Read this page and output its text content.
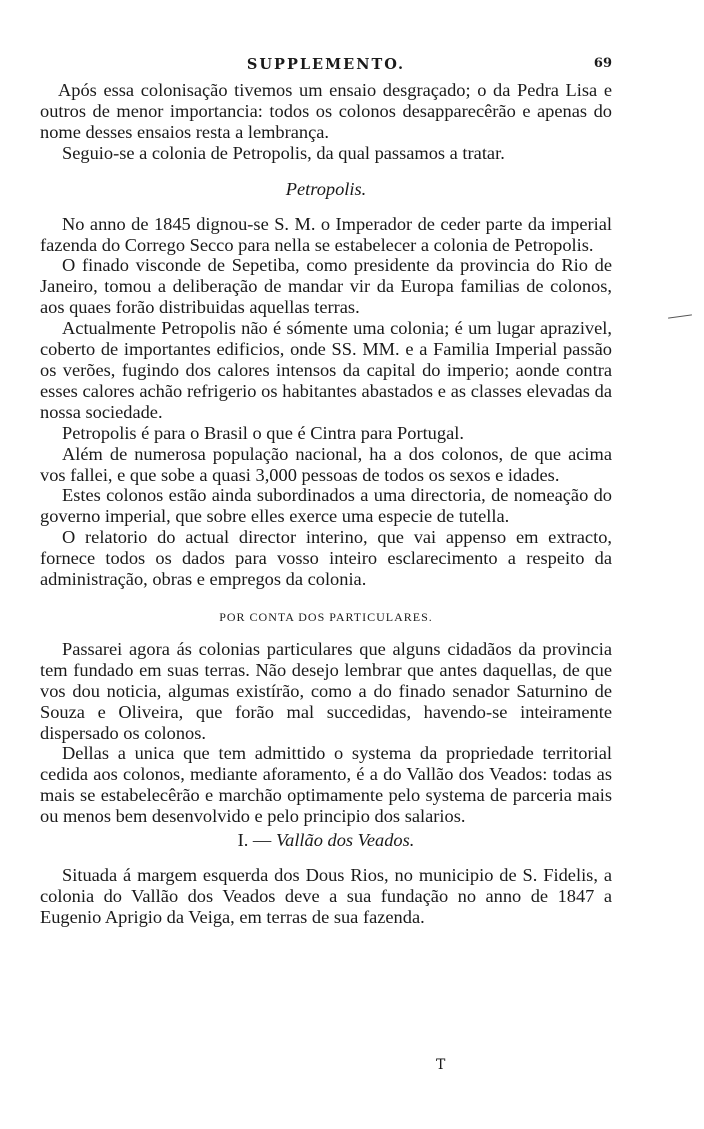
SUPPLEMENTO.	69

Após essa colonisação tivemos um ensaio desgraçado; o da Pedra Lisa e outros de menor importancia: todos os colonos desapparecêrão e apenas do nome desses ensaios resta a lembrança.

Seguio-se a colonia de Petropolis, da qual passamos a tratar.

Petropolis.

No anno de 1845 dignou-se S. M. o Imperador de ceder parte da imperial fazenda do Corrego Secco para nella se estabelecer a colonia de Petropolis.

O finado visconde de Sepetiba, como presidente da provincia do Rio de Janeiro, tomou a deliberação de mandar vir da Europa familias de colonos, aos quaes forão distribuidas aquellas terras.

Actualmente Petropolis não é sómente uma colonia; é um lugar aprazivel, coberto de importantes edificios, onde SS. MM. e a Familia Imperial passão os verões, fugindo dos calores intensos da capital do imperio; aonde contra esses calores achão refrigerio os habitantes abastados e as classes elevadas da nossa sociedade.

Petropolis é para o Brasil o que é Cintra para Portugal.

Além de numerosa população nacional, ha a dos colonos, de que acima vos fallei, e que sobe a quasi 3,000 pessoas de todos os sexos e idades.

Estes colonos estão ainda subordinados a uma directoria, de nomeação do governo imperial, que sobre elles exerce uma especie de tutella.

O relatorio do actual director interino, que vai appenso em extracto, fornece todos os dados para vosso inteiro esclarecimento a respeito da administração, obras e empregos da colonia.

POR CONTA DOS PARTICULARES.

Passarei agora ás colonias particulares que alguns cidadãos da provincia tem fundado em suas terras. Não desejo lembrar que antes daquellas, de que vos dou noticia, algumas existírão, como a do finado senador Saturnino de Souza e Oliveira, que forão mal succedidas, havendo-se inteiramente dispersado os colonos.

Dellas a unica que tem admittido o systema da propriedade territorial cedida aos colonos, mediante aforamento, é a do Vallão dos Veados: todas as mais se estabelecêrão e marchão optimamente pelo systema de parceria mais ou menos bem desenvolvido e pelo principio dos salarios.

I. — Vallão dos Veados.

Situada á margem esquerda dos Dous Rios, no municipio de S. Fidelis, a colonia do Vallão dos Veados deve a sua fundação no anno de 1847 a Eugenio Aprigio da Veiga, em terras de sua fazenda.

T
